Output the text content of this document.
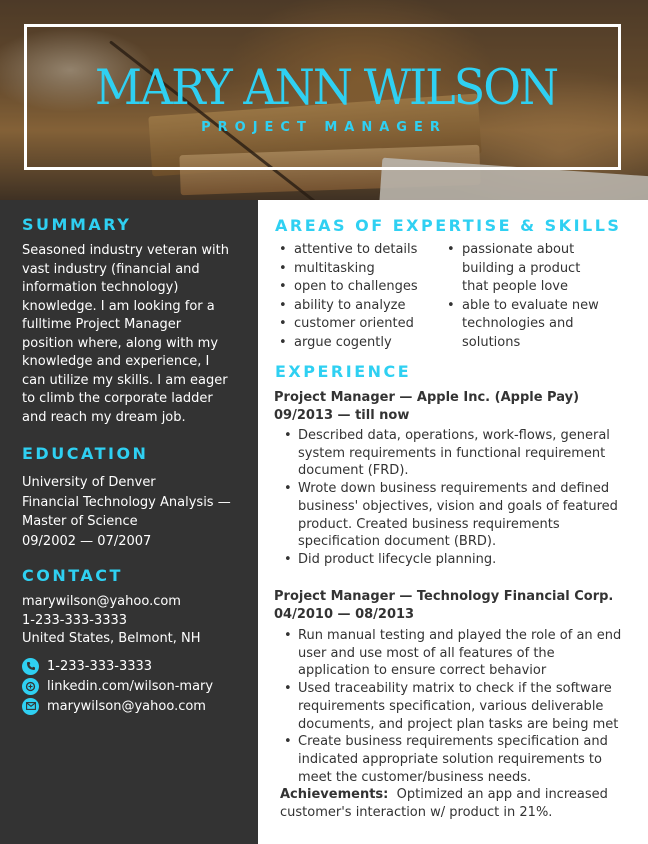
MARY ANN WILSON
PROJECT MANAGER
SUMMARY
Seasoned industry veteran with
vast industry (financial and
information technology)
knowledge. I am looking for a
fulltime Project Manager
position where, along with my
knowledge and experience, I
can utilize my skills. I am eager
to climb the corporate ladder
and reach my dream job.
EDUCATION
University of Denver
Financial Technology Analysis —
Master of Science
09/2002 — 07/2007
CONTACT
marywilson@yahoo.com
1-233-333-3333
United States, Belmont, NH
1-233-333-3333
linkedin.com/wilson-mary
marywilson@yahoo.com
AREAS OF EXPERTISE & SKILLS
• attentive to details
• multitasking
• open to challenges
• ability to analyze
• customer oriented
• argue cogently
• passionate about
building a product
that people love
• able to evaluate new
technologies and
solutions
EXPERIENCE
Project Manager — Apple Inc. (Apple Pay)
09/2013 — till now
• Described data, operations, work-flows, general
system requirements in functional requirement
document (FRD).
• Wrote down business requirements and defined
business' objectives, vision and goals of featured
product. Created business requirements
specification document (BRD).
• Did product lifecycle planning.
Project Manager — Technology Financial Corp.
04/2010 — 08/2013
• Run manual testing and played the role of an end
user and use most of all features of the
application to ensure correct behavior
• Used traceability matrix to check if the software
requirements specification, various deliverable
documents, and project plan tasks are being met
• Create business requirements specification and
indicated appropriate solution requirements to
meet the customer/business needs.
Achievements: Optimized an app and increased
customer's interaction w/ product in 21%.
